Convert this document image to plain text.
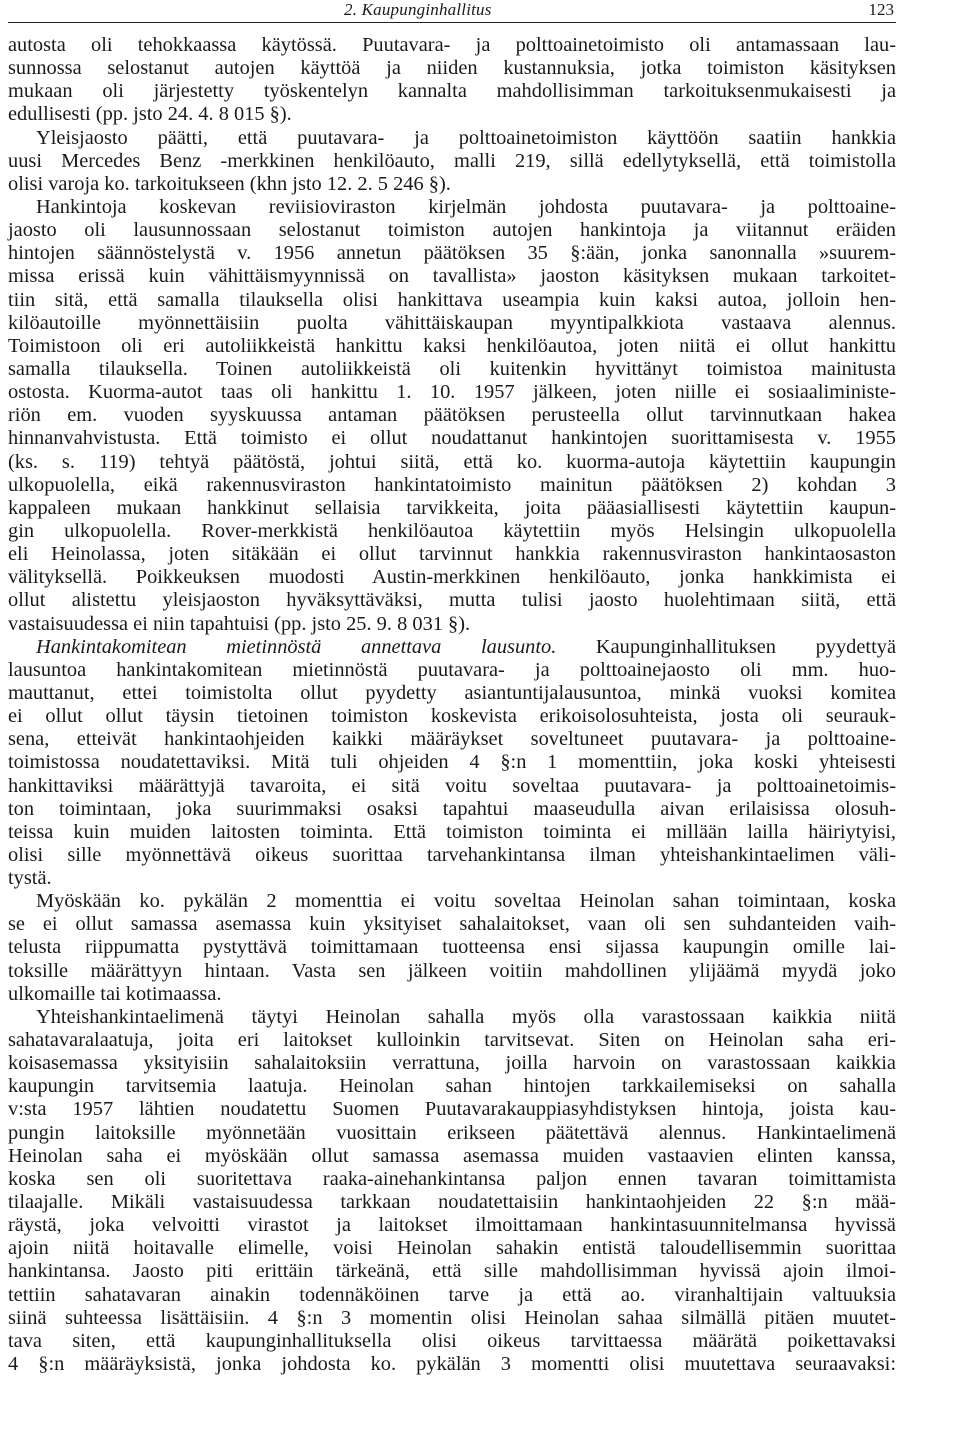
2. Kaupunginhallitus	123
autosta oli tehokkaassa käytössä. Puutavara- ja polttoainetoimisto oli antamassaan lau-
sunnossa selostanut autojen käyttöä ja niiden kustannuksia, jotka toimiston käsityksen
mukaan oli järjestetty työskentelyn kannalta mahdollisimman tarkoituksenmukaisesti ja
edullisesti (pp. jsto 24. 4. 8 015 §).
Yleisjaosto päätti, että puutavara- ja polttoainetoimiston käyttöön saatiin hankkia
uusi Mercedes Benz -merkkinen henkilöauto, malli 219, sillä edellytyksellä, että toimistolla
olisi varoja ko. tarkoitukseen (khn jsto 12. 2. 5 246 §).
Hankintoja koskevan reviisioviraston kirjelmän johdosta puutavara- ja polttoaine-
jaosto oli lausunnossaan selostanut toimiston autojen hankintoja ja viitannut eräiden
hintojen säännöstelystä v. 1956 annetun päätöksen 35 §:ään, jonka sanonnalla »suurem-
missa erissä kuin vähittäismyynnissä on tavallista» jaoston käsityksen mukaan tarkoitet-
tiin sitä, että samalla tilauksella olisi hankittava useampia kuin kaksi autoa, jolloin hen-
kilöautoille myönnettäisiin puolta vähittäiskaupan myyntipalkkiota vastaava alennus.
Toimistoon oli eri autoliikkeistä hankittu kaksi henkilöautoa, joten niitä ei ollut hankittu
samalla tilauksella. Toinen autoliikkeistä oli kuitenkin hyvittänyt toimistoa mainitusta
ostosta. Kuorma-autot taas oli hankittu 1. 10. 1957 jälkeen, joten niille ei sosiaaliministe-
riön em. vuoden syyskuussa antaman päätöksen perusteella ollut tarvinnutkaan hakea
hinnanvahvistusta. Että toimisto ei ollut noudattanut hankintojen suorittamisesta v. 1955
(ks. s. 119) tehtyä päätöstä, johtui siitä, että ko. kuorma-autoja käytettiin kaupungin
ulkopuolella, eikä rakennusviraston hankintatoimisto mainitun päätöksen 2) kohdan 3
kappaleen mukaan hankkinut sellaisia tarvikkeita, joita pääasiallisesti käytettiin kaupun-
gin ulkopuolella. Rover-merkkistä henkilöautoa käytettiin myös Helsingin ulkopuolella
eli Heinolassa, joten sitäkään ei ollut tarvinnut hankkia rakennusviraston hankintaosaston
välityksellä. Poikkeuksen muodosti Austin-merkkinen henkilöauto, jonka hankkimista ei
ollut alistettu yleisjaoston hyväksyttäväksi, mutta tulisi jaosto huolehtimaan siitä, että
vastaisuudessa ei niin tapahtuisi (pp. jsto 25. 9. 8 031 §).
Hankintakomitean mietinnöstä annettava lausunto. Kaupunginhallituksen pyydettyä
lausuntoa hankintakomitean mietinnöstä puutavara- ja polttoainejaosto oli mm. huo-
mauttanut, ettei toimistolta ollut pyydetty asiantuntijalausuntoa, minkä vuoksi komitea
ei ollut ollut täysin tietoinen toimiston koskevista erikoisolosuhteista, josta oli seurauk-
sena, etteivät hankintaohjeiden kaikki määräykset soveltuneet puutavara- ja polttoaine-
toimistossa noudatettaviksi. Mitä tuli ohjeiden 4 §:n 1 momenttiin, joka koski yhteisesti
hankittaviksi määrättyjä tavaroita, ei sitä voitu soveltaa puutavara- ja polttoainetoimis-
ton toimintaan, joka suurimmaksi osaksi tapahtui maaseudulla aivan erilaisissa olosuh-
teissa kuin muiden laitosten toiminta. Että toimiston toiminta ei millään lailla häiriytyisi,
olisi sille myönnettävä oikeus suorittaa tarvehankintansa ilman yhteishankintaelimen väli-
tystä.
Myöskään ko. pykälän 2 momenttia ei voitu soveltaa Heinolan sahan toimintaan, koska
se ei ollut samassa asemassa kuin yksityiset sahalaitokset, vaan oli sen suhdanteiden vaih-
telusta riippumatta pystyttävä toimittamaan tuotteensa ensi sijassa kaupungin omille lai-
toksille määrättyyn hintaan. Vasta sen jälkeen voitiin mahdollinen ylijäämä myydä joko
ulkomaille tai kotimaassa.
Yhteishankintaelimenä täytyi Heinolan sahalla myös olla varastossaan kaikkia niitä
sahatavaralaatuja, joita eri laitokset kulloinkin tarvitsevat. Siten on Heinolan saha eri-
koisasemassa yksityisiin sahalaitoksiin verrattuna, joilla harvoin on varastossaan kaikkia
kaupungin tarvitsemia laatuja. Heinolan sahan hintojen tarkkailemiseksi on sahalla
v:sta 1957 lähtien noudatettu Suomen Puutavarakauppiasyhdistyksen hintoja, joista kau-
pungin laitoksille myönnetään vuosittain erikseen päätettävä alennus. Hankintaelimenä
Heinolan saha ei myöskään ollut samassa asemassa muiden vastaavien elinten kanssa,
koska sen oli suoritettava raaka-ainehankintansa paljon ennen tavaran toimittamista
tilaajalle. Mikäli vastaisuudessa tarkkaan noudatettaisiin hankintaohjeiden 22 §:n mää-
räystä, joka velvoitti virastot ja laitokset ilmoittamaan hankintasuunnitelmansa hyvissä
ajoin niitä hoitavalle elimelle, voisi Heinolan sahakin entistä taloudellisemmin suorittaa
hankintansa. Jaosto piti erittäin tärkeänä, että sille mahdollisimman hyvissä ajoin ilmoi-
tettiin sahatavaran ainakin todennäköinen tarve ja että ao. viranhaltijain valtuuksia
siinä suhteessa lisättäisiin. 4 §:n 3 momentin olisi Heinolan sahaa silmällä pitäen muutet-
tava siten, että kaupunginhallituksella olisi oikeus tarvittaessa määrätä poikettavaksi
4 §:n määräyksistä, jonka johdosta ko. pykälän 3 momentti olisi muutettava seuraavaksi:
